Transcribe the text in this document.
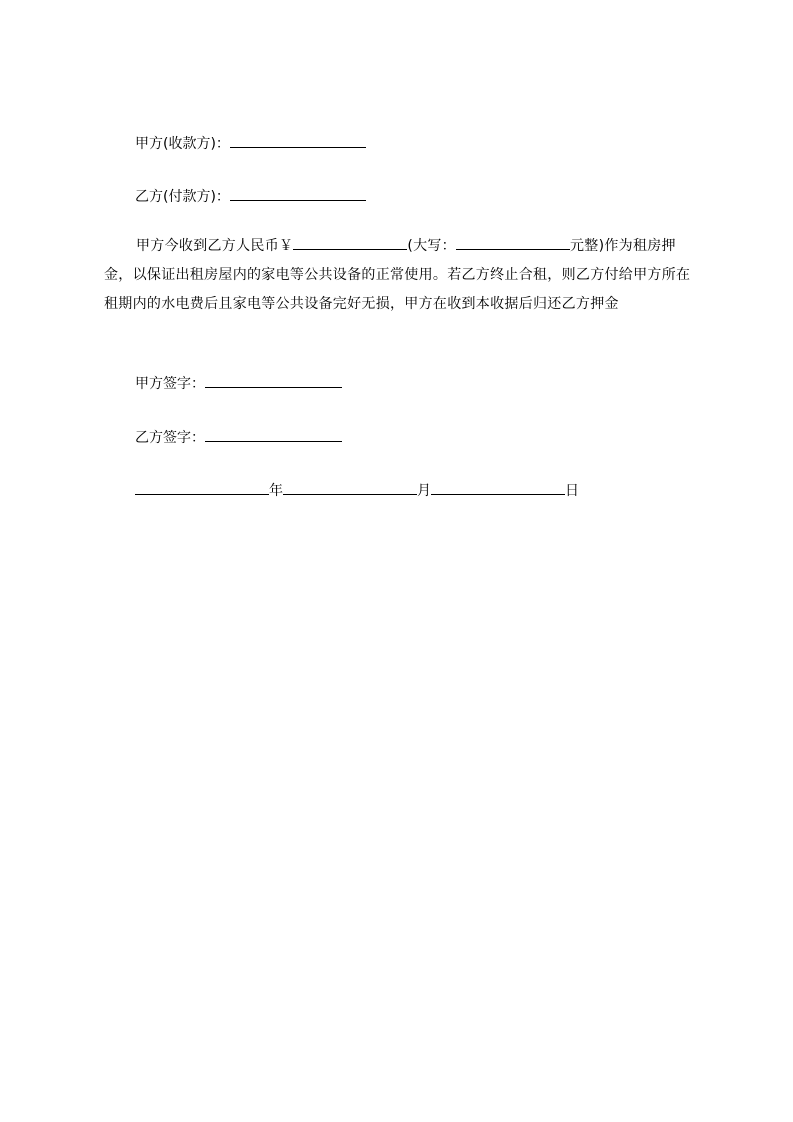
甲方(收款方)：
乙方(付款方)：
甲方今收到乙方人民币￥	(大写：	元整)作为租房押金，以保证出租房屋内的家电等公共设备的正常使用。若乙方终止合租，则乙方付给甲方所在租期内的水电费后且家电等公共设备完好无损，甲方在收到本收据后归还乙方押金
甲方签字：
乙方签字：
年	月	日
